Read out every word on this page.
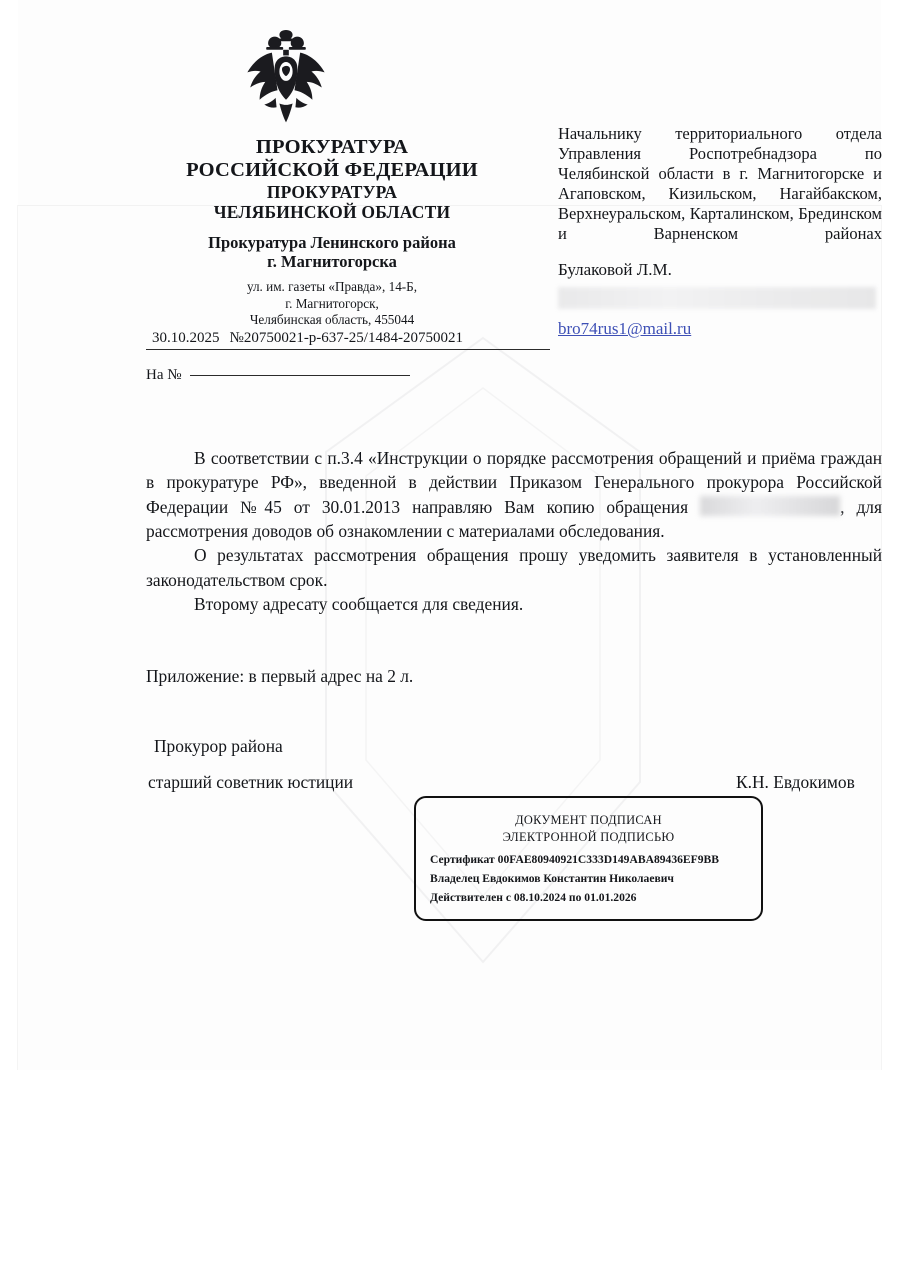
ПРОКУРАТУРА
РОССИЙСКОЙ ФЕДЕРАЦИИ
ПРОКУРАТУРА
ЧЕЛЯБИНСКОЙ ОБЛАСТИ
Прокуратура Ленинского района
г. Магнитогорска
ул. им. газеты «Правда», 14-Б,
г. Магнитогорск,
Челябинская область, 455044
30.10.2025 №20750021-р-637-25/1484-20750021
На №
Начальнику территориального отдела Управления Роспотребнадзора по Челябинской области в г. Магнитогорске и Агаповском, Кизильском, Нагайбакском, Верхнеуральском, Карталинском, Брединском и Варненском районах
Булаковой Л.М.
bro74rus1@mail.ru

В соответствии с п.3.4 «Инструкции о порядке рассмотрения обращений и приёма граждан в прокуратуре РФ», введенной в действии Приказом Генерального прокурора Российской Федерации №45 от 30.01.2013 направляю Вам копию обращения	, для рассмотрения доводов об ознакомлении с материалами обследования.

О результатах рассмотрения обращения прошу уведомить заявителя в установленный законодательством срок.

Второму адресату сообщается для сведения.

Приложение: в первый адрес на 2 л.
Прокурор района
старший советник юстиции	К.Н. Евдокимов
ДОКУМЕНТ ПОДПИСАН
ЭЛЕКТРОННОЙ ПОДПИСЬЮ
Сертификат 00FAE80940921C333D149ABA89436EF9BB
Владелец Евдокимов Константин Николаевич
Действителен с 08.10.2024 по 01.01.2026
